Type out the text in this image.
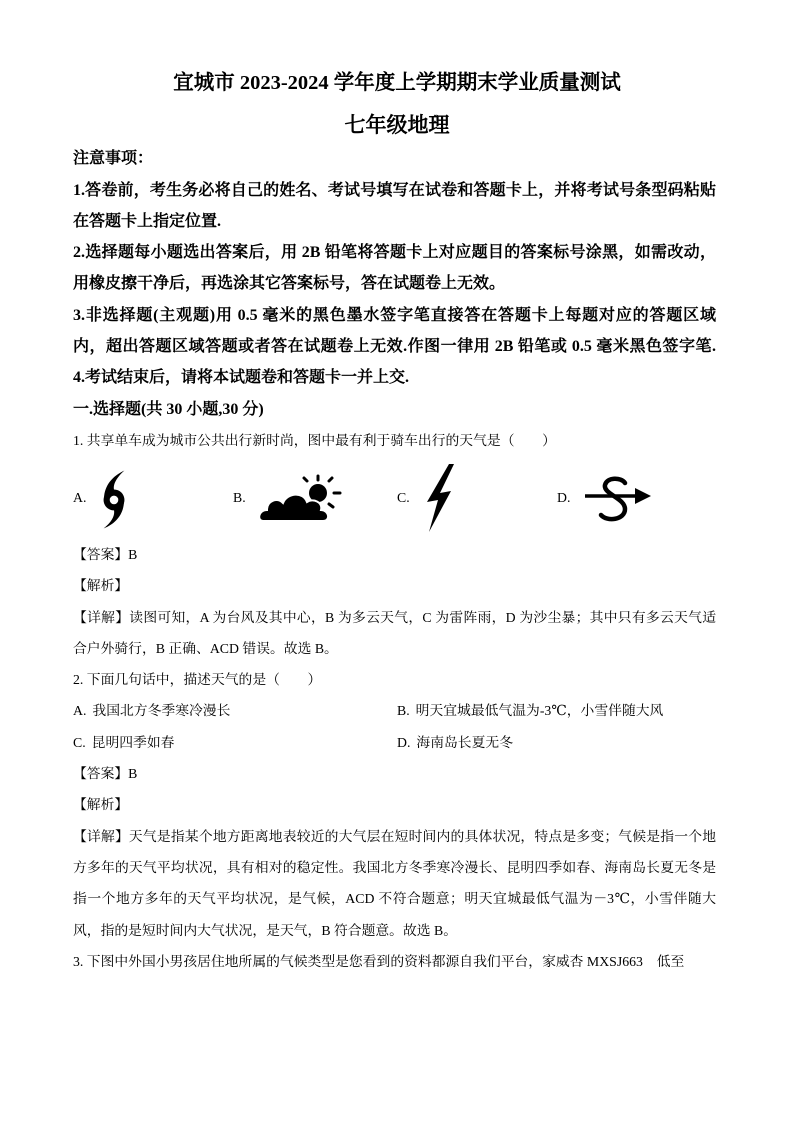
宜城市 2023-2024 学年度上学期期末学业质量测试
七年级地理
注意事项：
1.答卷前，考生务必将自己的姓名、考试号填写在试卷和答题卡上，并将考试号条型码粘贴
在答题卡上指定位置.
2.选择题每小题选出答案后，用 2B 铅笔将答题卡上对应题目的答案标号涂黑，如需改动，
用橡皮擦干净后，再选涂其它答案标号，答在试题卷上无效。
3.非选择题(主观题)用 0.5 毫米的黑色墨水签字笔直接答在答题卡上每题对应的答题区域
内，超出答题区域答题或者答在试题卷上无效.作图一律用 2B 铅笔或 0.5 毫米黑色签字笔.
4.考试结束后，请将本试题卷和答题卡一并上交.
一.选择题(共 30 小题,30 分)
1. 共享单车成为城市公共出行新时尚，图中最有利于骑车出行的天气是（　　）
A.	B.	C.	D.
【答案】B
【解析】
【详解】读图可知，A 为台风及其中心，B 为多云天气，C 为雷阵雨，D 为沙尘暴；其中只有多云天气适
合户外骑行，B 正确、ACD 错误。故选 B。
2. 下面几句话中，描述天气的是（　　）
A. 我国北方冬季寒冷漫长	B. 明天宜城最低气温为-3℃，小雪伴随大风
C. 昆明四季如春	D. 海南岛长夏无冬
【答案】B
【解析】
【详解】天气是指某个地方距离地表较近的大气层在短时间内的具体状况，特点是多变；气候是指一个地
方多年的天气平均状况，具有相对的稳定性。我国北方冬季寒冷漫长、昆明四季如春、海南岛长夏无冬是
指一个地方多年的天气平均状况，是气候，ACD 不符合题意；明天宜城最低气温为－3℃，小雪伴随大
风，指的是短时间内大气状况，是天气，B 符合题意。故选 B。
3. 下图中外国小男孩居住地所属的气候类型是您看到的资料都源自我们平台，家威杏 MXSJ663　低至
